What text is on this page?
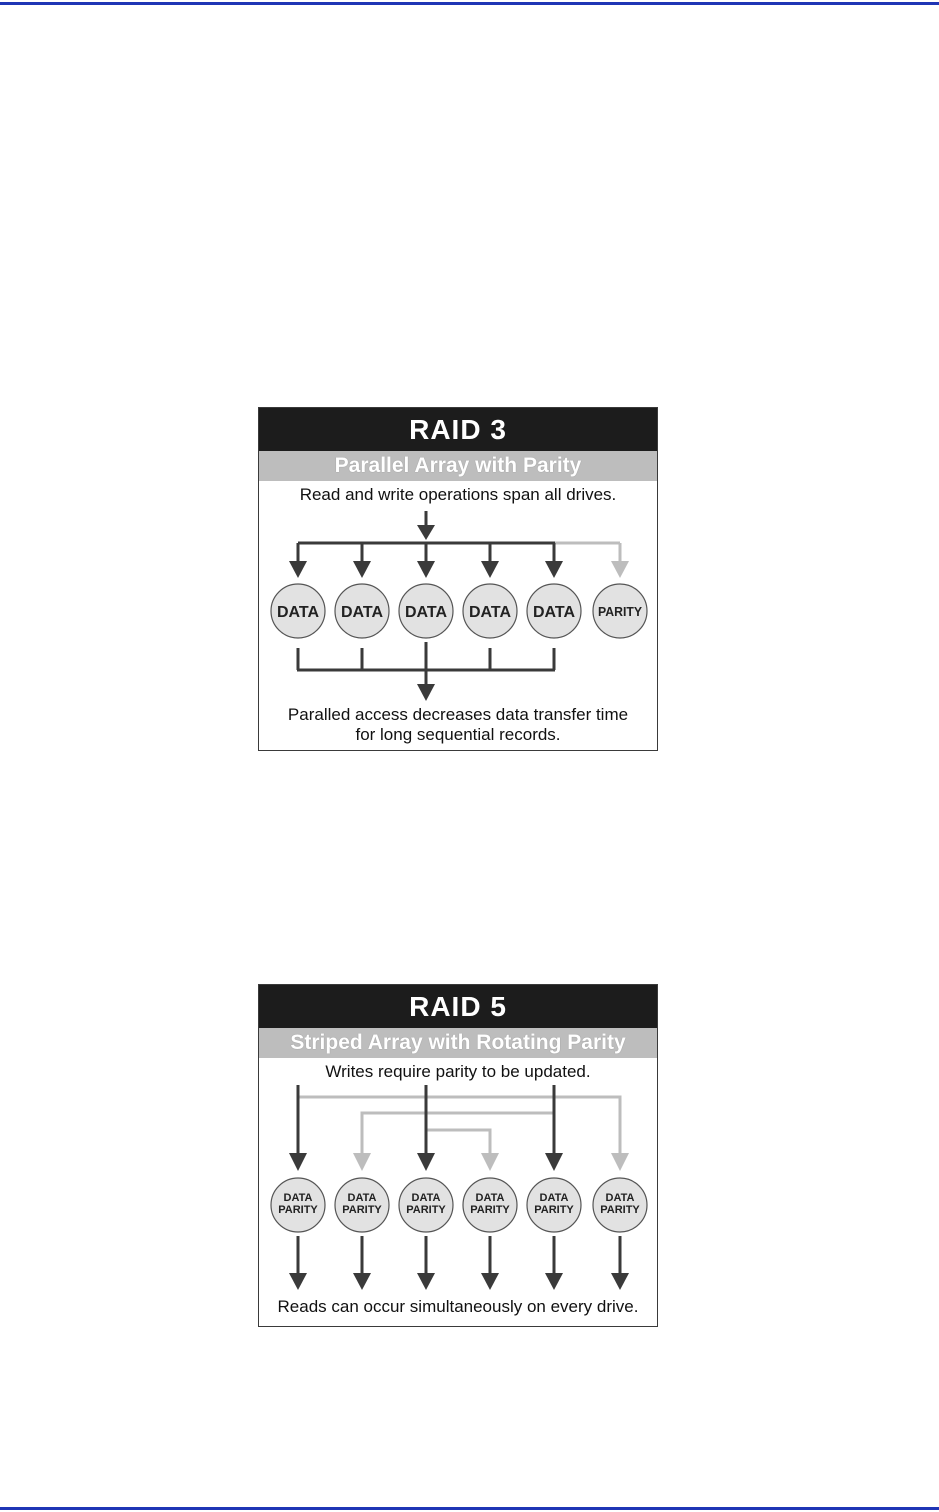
RAID 3
Parallel Array with Parity
Read and write operations span all drives.
DATA DATA DATA DATA DATA PARITY
Paralled access decreases data transfer time
for long sequential records.
RAID 5
Striped Array with Rotating Parity
Writes require parity to be updated.
DATA
PARITY
DATA
PARITY
DATA
PARITY
DATA
PARITY
DATA
PARITY
DATA
PARITY
Reads can occur simultaneously on every drive.
